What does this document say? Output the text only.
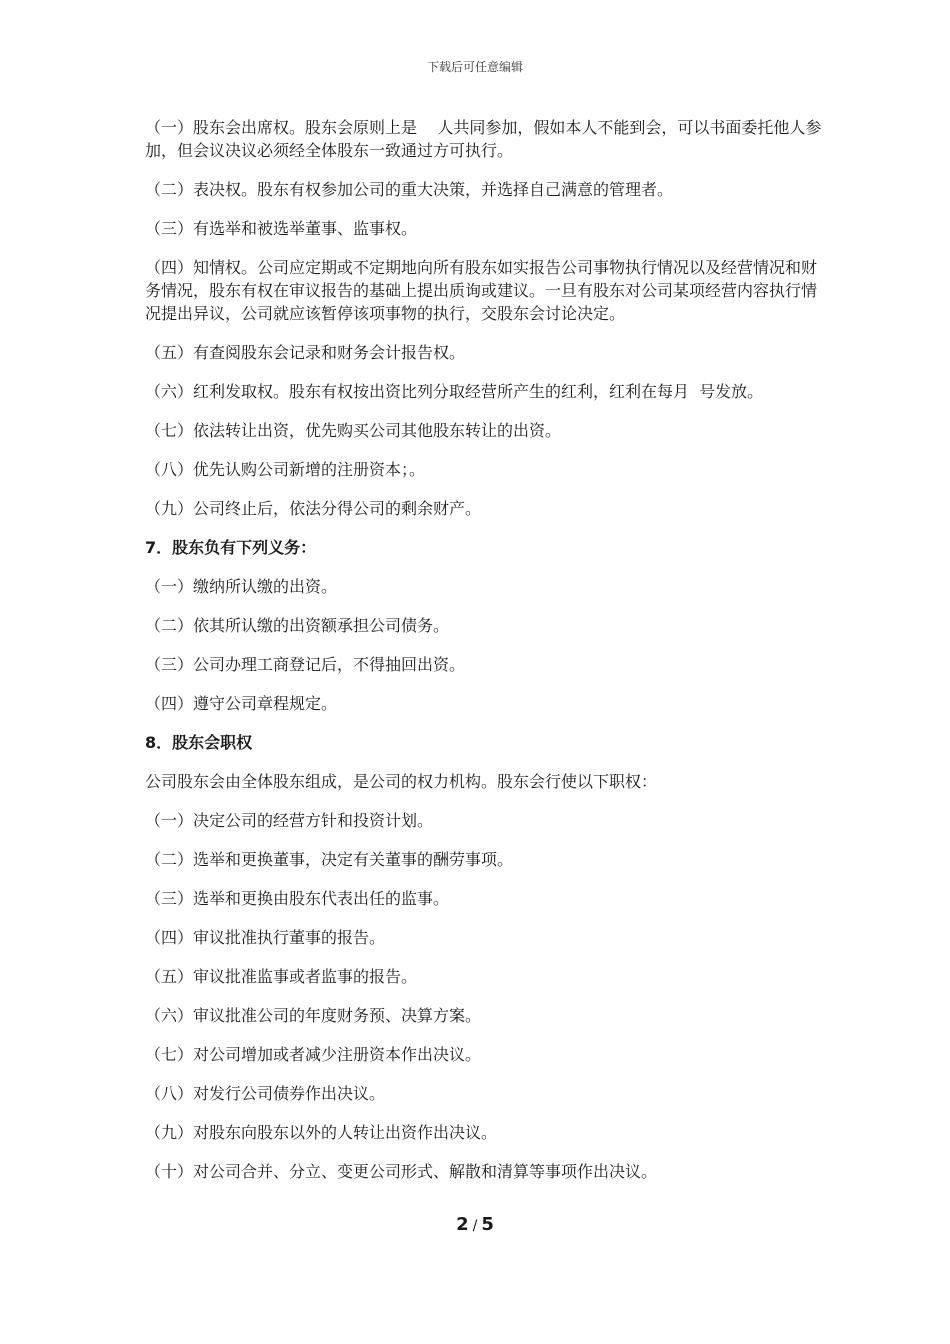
下载后可任意编辑

（一）股东会出席权。股东会原则上是    人共同参加，假如本人不能到会，可以书面委托他人参加，但会议决议必须经全体股东一致通过方可执行。

（二）表决权。股东有权参加公司的重大决策，并选择自己满意的管理者。

（三）有选举和被选举董事、监事权。

（四）知情权。公司应定期或不定期地向所有股东如实报告公司事物执行情况以及经营情况和财务情况，股东有权在审议报告的基础上提出质询或建议。一旦有股东对公司某项经营内容执行情况提出异议，公司就应该暂停该项事物的执行，交股东会讨论决定。

（五）有查阅股东会记录和财务会计报告权。

（六）红利发取权。股东有权按出资比列分取经营所产生的红利，红利在每月  号发放。

（七）依法转让出资，优先购买公司其他股东转让的出资。

（八）优先认购公司新增的注册资本；。

（九）公司终止后，依法分得公司的剩余财产。

7．股东负有下列义务：

（一）缴纳所认缴的出资。

（二）依其所认缴的出资额承担公司债务。

（三）公司办理工商登记后，不得抽回出资。

（四）遵守公司章程规定。

8．股东会职权

公司股东会由全体股东组成，是公司的权力机构。股东会行使以下职权：

（一）决定公司的经营方针和投资计划。

（二）选举和更换董事，决定有关董事的酬劳事项。

（三）选举和更换由股东代表出任的监事。

（四）审议批准执行董事的报告。

（五）审议批准监事或者监事的报告。

（六）审议批准公司的年度财务预、决算方案。

（七）对公司增加或者减少注册资本作出决议。

（八）对发行公司债券作出决议。

（九）对股东向股东以外的人转让出资作出决议。

（十）对公司合并、分立、变更公司形式、解散和清算等事项作出决议。

2 / 5
